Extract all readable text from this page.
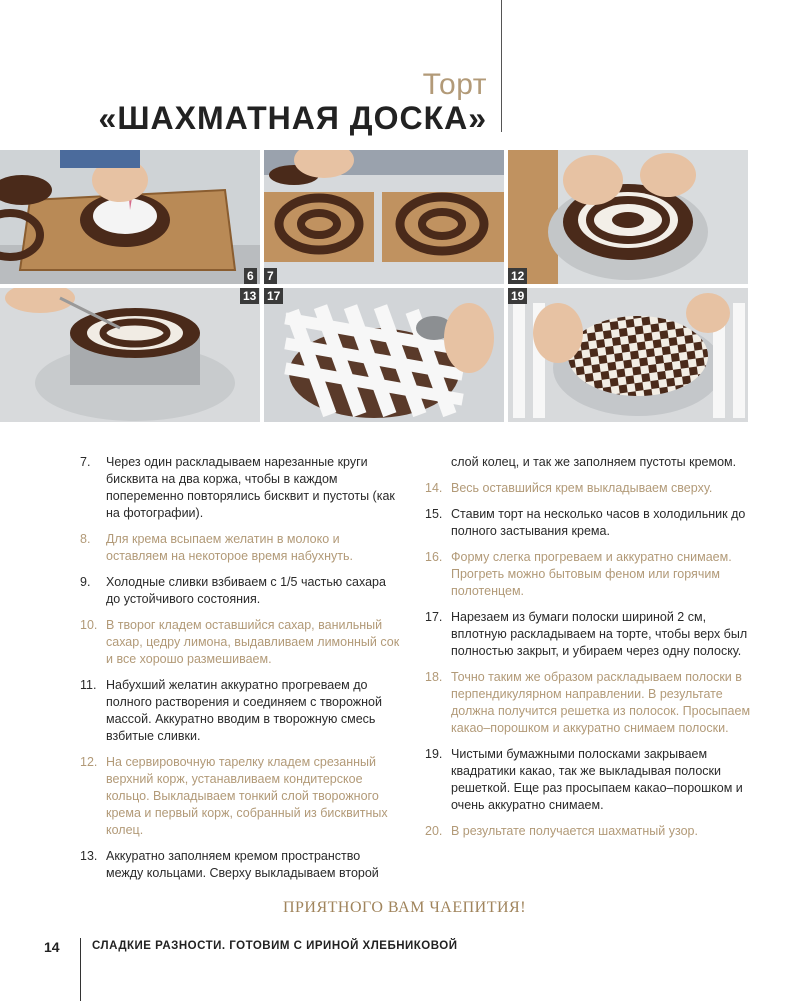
Торт
«ШАХМАТНАЯ ДОСКА»
6 7	12
13 17	19
7. Через один раскладываем нарезанные круги бисквита на два коржа, чтобы в каждом попеременно повторялись бисквит и пустоты (как на фотографии).
8. Для крема всыпаем желатин в молоко и оставляем на некоторое время набухнуть.
9. Холодные сливки взбиваем с 1/5 частью сахара до устойчивого состояния.
10. В творог кладем оставшийся сахар, ванильный сахар, цедру лимона, выдавливаем лимонный сок и все хорошо размешиваем.
11. Набухший желатин аккуратно прогреваем до полного растворения и соединяем с творожной массой. Аккуратно вводим в творожную смесь взбитые сливки.
12. На сервировочную тарелку кладем срезанный верхний корж, устанавливаем кондитерское кольцо. Выкладываем тонкий слой творожного крема и первый корж, собранный из бисквитных колец.
13. Аккуратно заполняем кремом пространство между кольцами. Сверху выкладываем второй
слой колец, и так же заполняем пустоты кремом.
14. Весь оставшийся крем выкладываем сверху.
15. Ставим торт на несколько часов в холодильник до полного застывания крема.
16. Форму слегка прогреваем и аккуратно снимаем. Прогреть можно бытовым феном или горячим полотенцем.
17. Нарезаем из бумаги полоски шириной 2 см, вплотную раскладываем на торте, чтобы верх был полностью закрыт, и убираем через одну полоску.
18. Точно таким же образом раскладываем полоски в перпендикулярном направлении. В результате должна получится решетка из полосок. Просыпаем какао–порошком и аккуратно снимаем полоски.
19. Чистыми бумажными полосками закрываем квадратики какао, так же выкладывая полоски решеткой. Еще раз просыпаем какао–порошком и очень аккуратно снимаем.
20. В результате получается шахматный узор.
ПРИЯТНОГО ВАМ ЧАЕПИТИЯ!
14	СЛАДКИЕ РАЗНОСТИ. ГОТОВИМ С ИРИНОЙ ХЛЕБНИКОВОЙ
